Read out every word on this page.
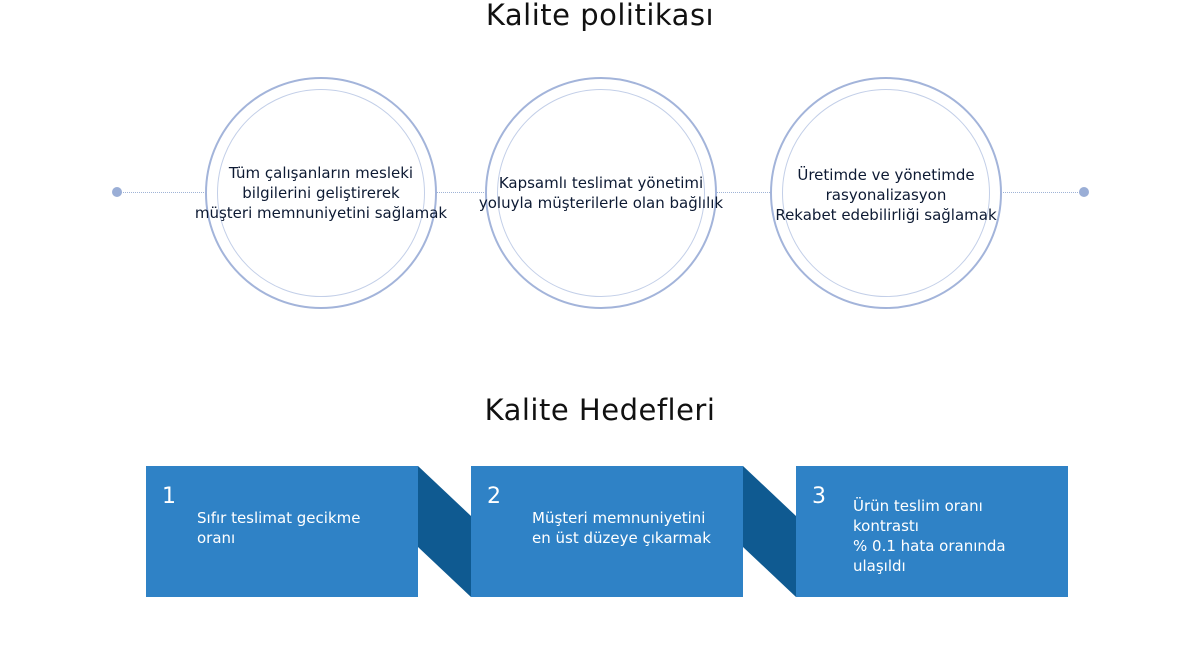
Kalite politikası
Tüm çalışanların mesleki
bilgilerini geliştirerek
müşteri memnuniyetini sağlamak
Kapsamlı teslimat yönetimi
yoluyla müşterilerle olan bağlılık
Üretimde ve yönetimde
rasyonalizasyon
Rekabet edebilirliği sağlamak
Kalite Hedefleri
1
Sıfır teslimat gecikme
oranı
2
Müşteri memnuniyetini
en üst düzeye çıkarmak
3 Ürün teslim oranı
kontrastı
% 0.1 hata oranında
ulaşıldı
